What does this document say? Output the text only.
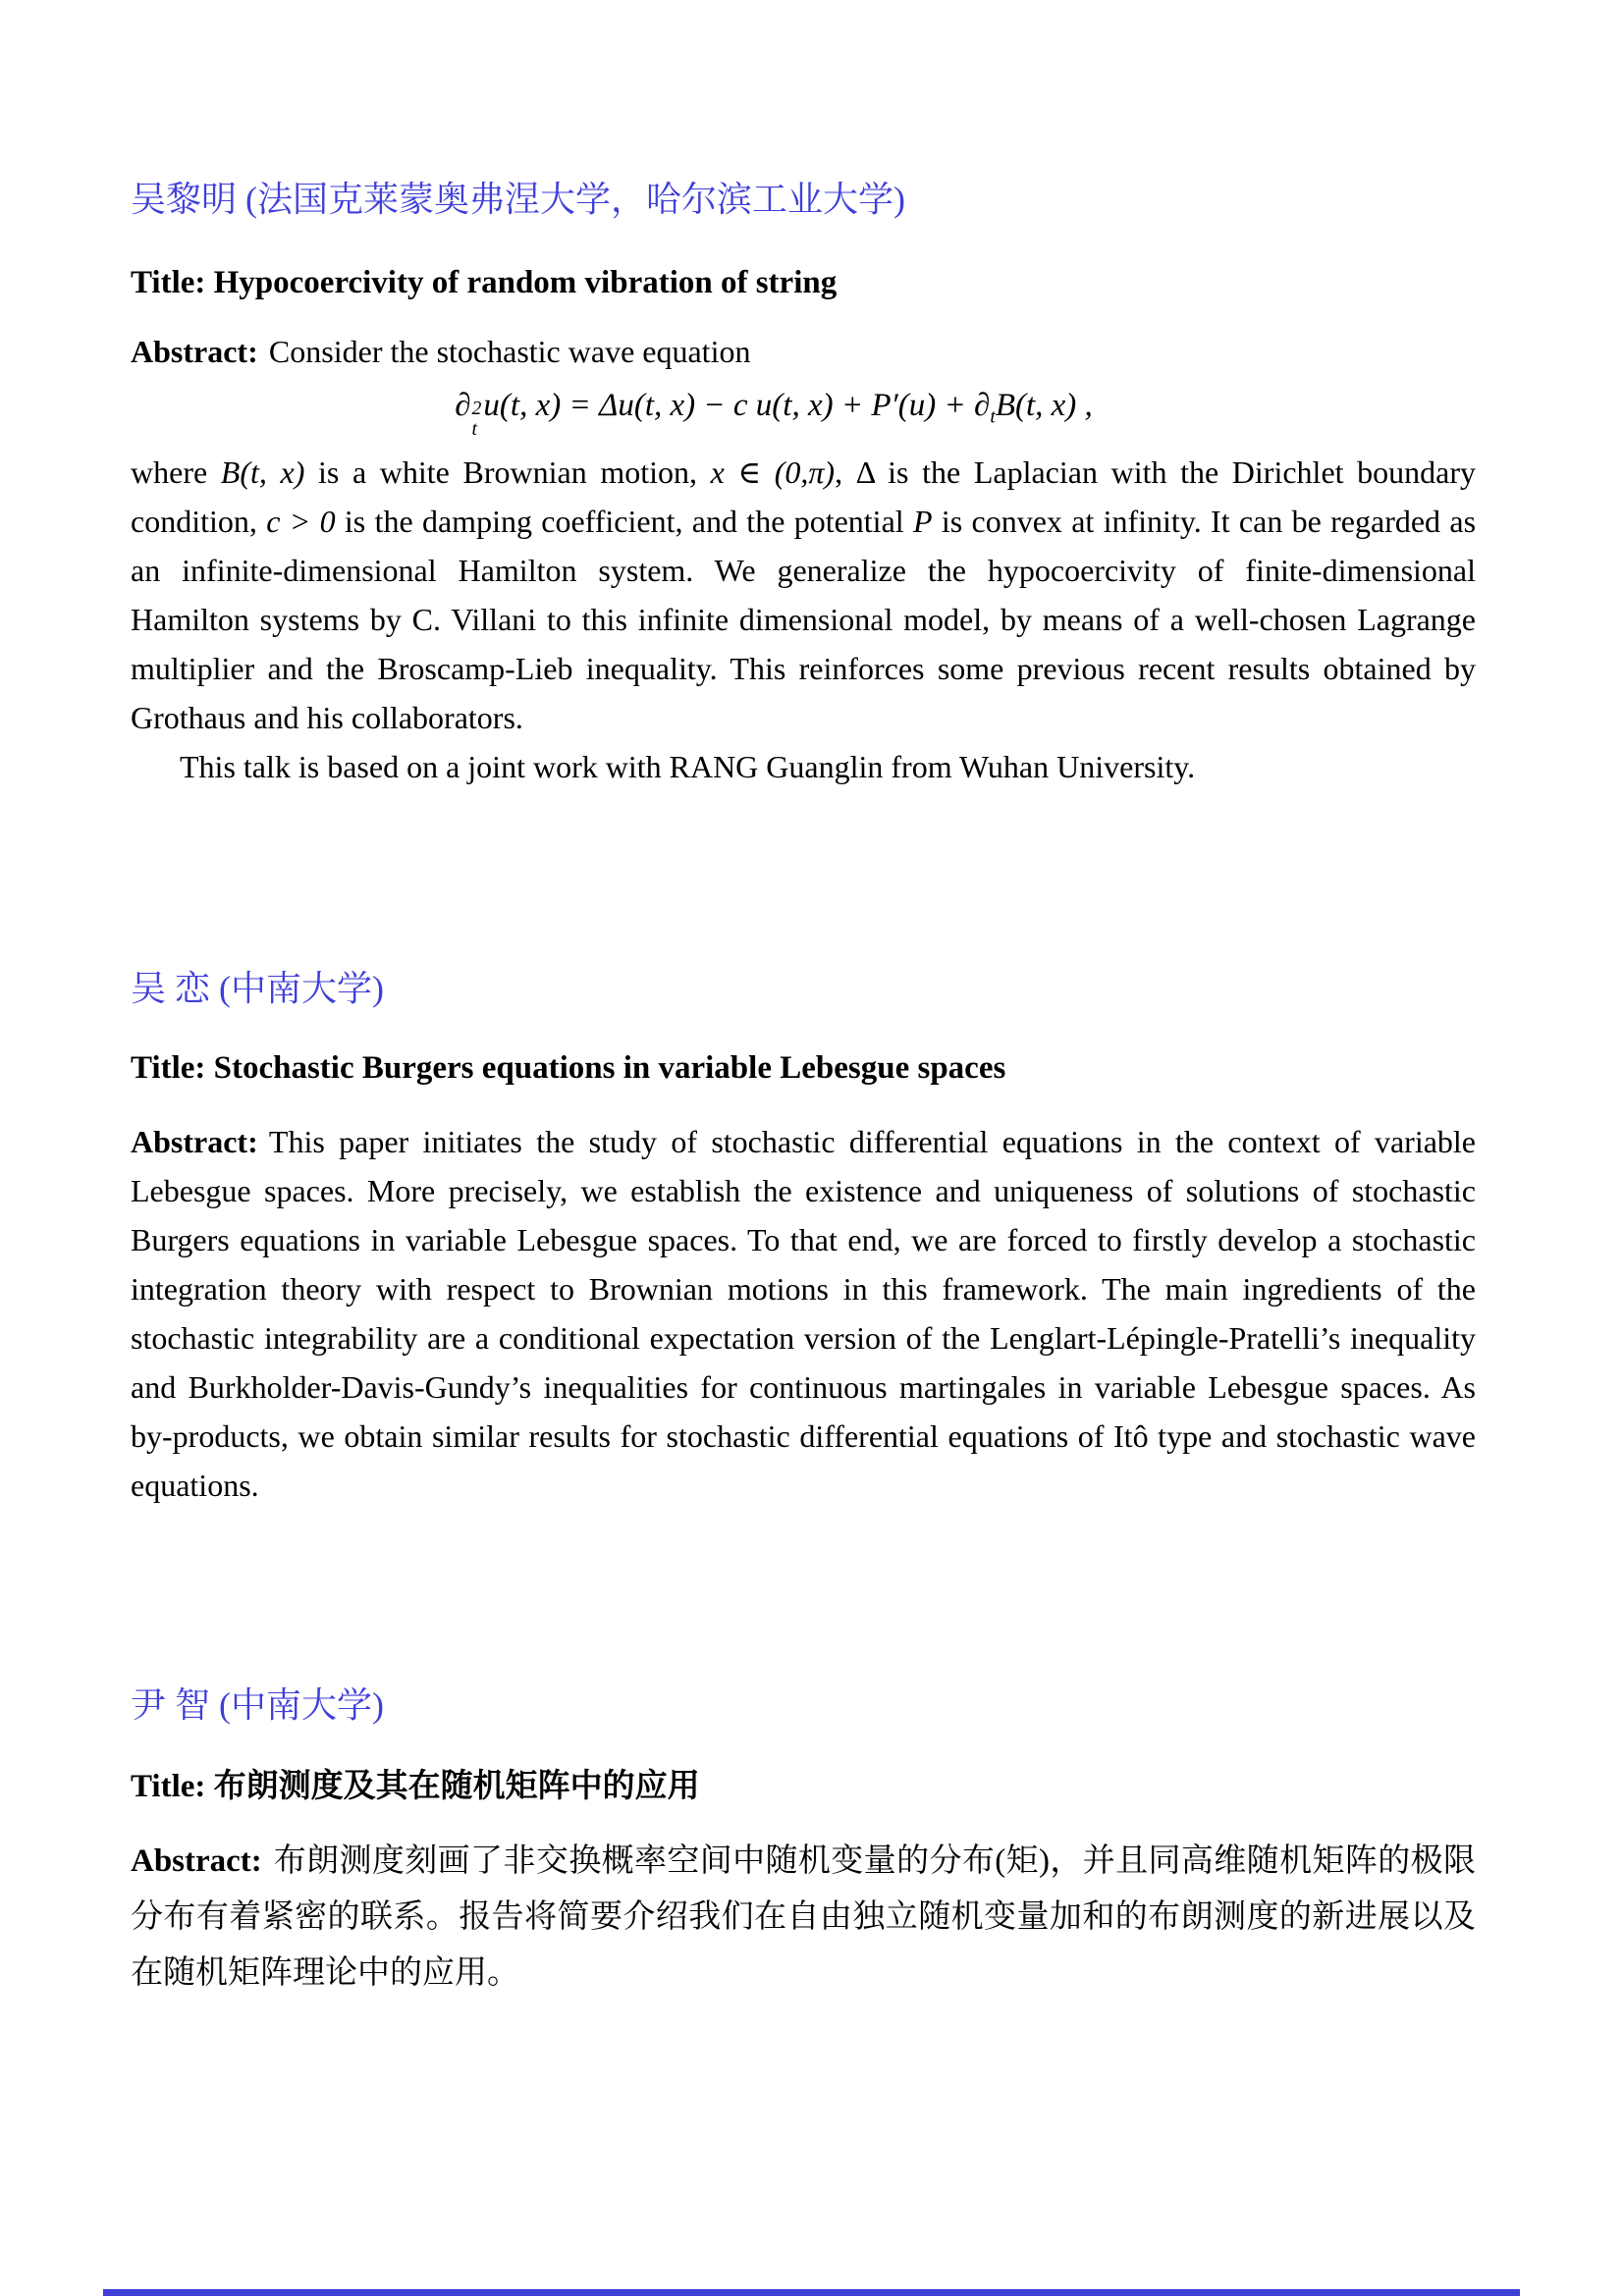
吴黎明 (法国克莱蒙奥弗涅大学，哈尔滨工业大学)

Title: Hypocoercivity of random vibration of string

Abstract: Consider the stochastic wave equation

∂ 2
t
u(t, x) = Δu(t, x) − c u(t, $x) + P'(u) + \partial_tB(t$, x) ,

where B(t, x) is a white Brownian motion, x ∈ (0,π), Δ is the Laplacian with the Dirichlet boundary condition, c > 0 is the damping coefficient, and the potential P is convex at infinity. It can be regarded as an infinite-dimensional Hamilton system. We generalize the hypocoercivity of finite-dimensional Hamilton systems by C. Villani to this infinite dimensional model, by means of a well-chosen Lagrange multiplier and the Broscamp-Lieb inequality. This reinforces some previous recent results obtained by Grothaus and his collaborators.

This talk is based on a joint work with RANG Guanglin from Wuhan University.

吴 恋 (中南大学)

Title: Stochastic Burgers equations in variable Lebesgue spaces

Abstract: This paper initiates the study of stochastic differential equations in the context of variable Lebesgue spaces. More precisely, we establish the existence and uniqueness of solutions of stochastic Burgers equations in variable Lebesgue spaces. To that end, we are forced to firstly develop a stochastic integration theory with respect to Brownian motions in this framework. The main ingredients of the stochastic integrability are a conditional expectation version of the Lenglart-Lépingle-Pratelli’s inequality and Burkholder-Davis-Gundy’s inequalities for continuous martingales in variable Lebesgue spaces. As by-products, we obtain similar results for stochastic differential equations of Itô type and stochastic wave equations.

尹 智 (中南大学)

Title: 布朗测度及其在随机矩阵中的应用

Abstract: 布朗测度刻画了非交换概率空间中随机变量的分布(矩)，并且同高维随机矩阵的极限分布有着紧密的联系。报告将简要介绍我们在自由独立随机变量加和的布朗测度的新进展以及在随机矩阵理论中的应用。
